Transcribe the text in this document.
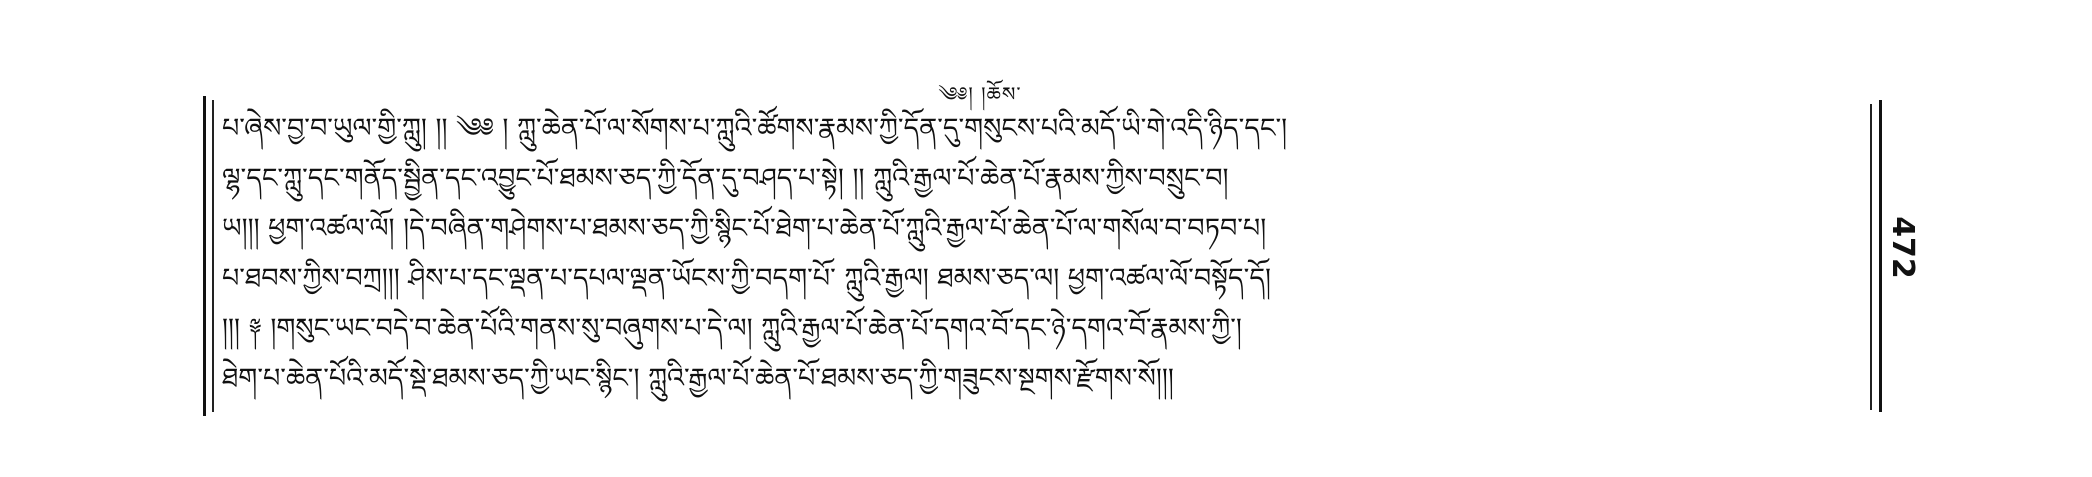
༄༅། །ཆོས་
པ་ཞེས་བྱ་བ་ཡུལ་གྱི་ཀླུ། །། ༄༅ ། ཀླུ་ཆེན་པོ་ལ་སོགས་པ་ཀླུའི་ཚོགས་རྣམས་ཀྱི་དོན་དུ་གསུངས་པའི་མདོ་ཡི་གེ་འདི་ཉིད་དང་།
ལྷ་དང་ཀླུ་དང་གནོད་སྦྱིན་དང་འབྱུང་པོ་ཐམས་ཅད་ཀྱི་དོན་དུ་བཤད་པ་སྟེ། །། ཀླུའི་རྒྱལ་པོ་ཆེན་པོ་རྣམས་ཀྱིས་བསྲུང་བ།
ཡ།།། ཕྱག་འཚལ་ལོ། །དེ་བཞིན་གཤེགས་པ་ཐམས་ཅད་ཀྱི་སྙིང་པོ་ཐེག་པ་ཆེན་པོ་ཀླུའི་རྒྱལ་པོ་ཆེན་པོ་ལ་གསོལ་བ་བཏབ་པ།
པ་ཐབས་ཀྱིས་བཀྲ།།། ཤིས་པ་དང་ལྡན་པ་དཔལ་ལྡན་ཡོངས་ཀྱི་བདག་པོ་ ཀླུའི་རྒྱལ། ཐམས་ཅད་ལ། ཕྱག་འཚལ་ལོ་བསྟོད་དོ།
།།། ༈ །གསུང་ཡང་བདེ་བ་ཆེན་པོའི་གནས་སུ་བཞུགས་པ་དེ་ལ། ཀླུའི་རྒྱལ་པོ་ཆེན་པོ་དགའ་བོ་དང་ཉེ་དགའ་བོ་རྣམས་ཀྱི་།
ཐེག་པ་ཆེན་པོའི་མདོ་སྡེ་ཐམས་ཅད་ཀྱི་ཡང་སྙིང་། ཀླུའི་རྒྱལ་པོ་ཆེན་པོ་ཐམས་ཅད་ཀྱི་གཟུངས་སྔགས་རྫོགས་སོ།།།
472
